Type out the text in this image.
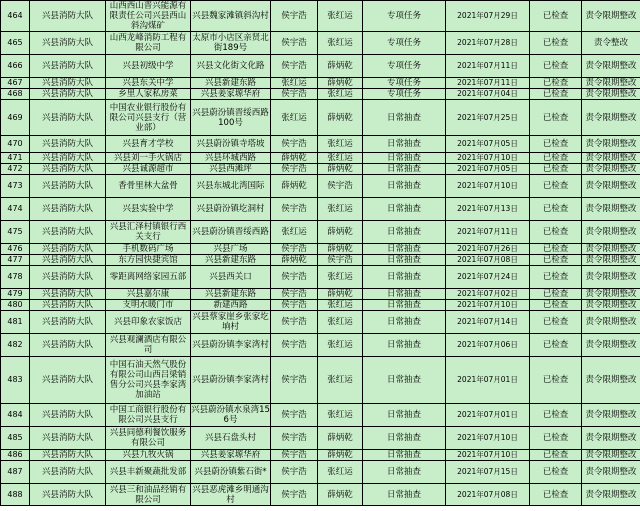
464	兴县消防大队	山西西山晋兴能源有限责任公司兴县西山斜沟煤矿	兴县魏家滩镇斜沟村	侯宇浩	张红运	专项任务	2021年07月29日	已检查	责令限期整改
465	兴县消防大队	山西龙峰消防工程有限公司	太原市小店区亲贤北街189号	侯宇浩	张红运	专项任务	2021年07月28日	已检查	责令整改
466	兴县消防大队	兴县初级中学	兴县文化街文化路	侯宇浩	薛炳乾	专项任务	2021年07月11日	已检查	责令限期整改
467	兴县消防大队	兴县东关中学	兴县新建东路	张红运	薛炳乾	专项任务	2021年07月11日	已检查	责令限期整改
468	兴县消防大队	乡里人家私房菜	兴县姜家塬华府	侯宇浩	张红运	专项任务	2021年07月04日	已检查	责令限期整改
469	兴县消防大队	中国农业银行股份有限公司兴县支行（营业部）	兴县蔚汾镇晋绥西路100号	张红运	薛炳乾	日常抽查	2021年07月25日	已检查	责令限期整改
470	兴县消防大队	兴县育才学校	兴县蔚汾镇寺塔坡	侯宇浩	张红运	日常抽查	2021年07月05日	已检查	责令限期整改
471	兴县消防大队	兴县刘一手火锅店	兴县环城西路	薛炳乾	张红运	日常抽查	2021年07月10日	已检查	责令限期整改
472	兴县消防大队	兴县诚源超市	兴县西滩坪	侯宇浩	薛炳乾	日常抽查	2021年07月05日	已检查	责令限期整改
473	兴县消防大队	香骨里林大盆骨	兴县东城北湾国际	薛炳乾	侯宇浩	日常抽查	2021年07月10日	已检查	责令限期整改
474	兴县消防大队	兴县实验中学	兴县蔚汾镇圪洞村	侯宇浩	张红运	日常抽查	2021年07月13日	已检查	责令限期整改
475	兴县消防大队	兴县汇泽村镇银行西关支行	兴县蔚汾镇晋绥西路	张红运	薛炳乾	日常抽查	2021年07月11日	已检查	责令限期整改
476	兴县消防大队	手机数码广场	兴县广场	侯宇浩	薛炳乾	日常抽查	2021年07月26日	已检查	责令限期整改
477	兴县消防大队	东方园快捷宾馆	兴县新建东路	薛炳乾	侯宇浩	日常抽查	2021年07月08日	已检查	责令限期整改
478	兴县消防大队	零距离网络家园五部	兴县西关口	侯宇浩	张红运	日常抽查	2021年07月24日	已检查	责令限期整改
479	兴县消防大队	兴县嘉尔康	兴县新建东路	侯宇浩	薛炳乾	日常抽查	2021年07月02日	已检查	责令限期整改
480	兴县消防大队	支明水暖门市	新建西路	侯宇浩	张红运	日常抽查	2021年07月10日	已检查	责令限期整改
481	兴县消防大队	兴县印象农家饭店	兴县蔡家崖乡张家圪垧村	侯宇浩	张红运	日常抽查	2021年07月14日	已检查	责令限期整改
482	兴县消防大队	兴县观澜酒店有限公司	兴县蔚汾镇李家湾村	侯宇浩	张红运	日常抽查	2021年07月06日	已检查	责令限期整改
483	兴县消防大队	中国石油天然气股份有限公司山西吕梁销售分公司兴县李家湾加油站	兴县蔚汾镇李家湾村	侯宇浩	张红运	日常抽查	2021年07月01日	已检查	责令限期整改
484	兴县消防大队	中国工商银行股份有限公司兴县支行	兴县蔚汾镇水泉湾156号	侯宇浩	张红运	日常抽查	2021年07月01日	已检查	责令限期整改
485	兴县消防大队	兴县同德利餐饮服务有限公司	兴县石盘头村	侯宇浩	薛炳乾	日常抽查	2021年07月10日	已检查	责令限期整改
486	兴县消防大队	兴县九牧火锅	兴县姜家塬华府	侯宇浩	薛炳乾	日常抽查	2021年07月10日	已检查	责令限期整改
487	兴县消防大队	兴县丰新聚蔬批发部	兴县蔚汾镇紫石街*	侯宇浩	张红运	日常抽查	2021年07月15日	已检查	责令限期整改
488	兴县消防大队	兴县三和油品经销有限公司	兴县恶虎滩乡明通沟村	侯宇浩	薛炳乾	日常抽查	2021年07月08日	已检查	责令限期整改
